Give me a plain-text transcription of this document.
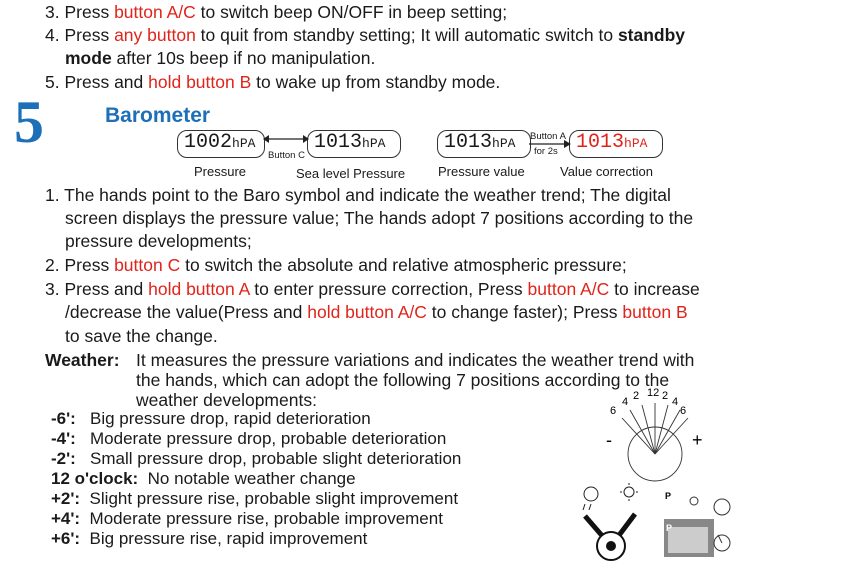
3. Press button A/C to switch beep ON/OFF in beep setting;
4. Press any button to quit from standby setting; It will automatic switch to standby
mode after 10s beep if no manipulation.
5. Press and hold button B to wake up from standby mode.
5	Barometer
1002hPA	1013hPA	1013hPA	1013hPA
Button C
Button A
for 2s
Pressure	Sea level Pressure	Pressure value	Value correction
1. The hands point to the Baro symbol and indicate the weather trend; The digital
screen displays the pressure value; The hands adopt 7 positions according to the
pressure developments;
2. Press button C to switch the absolute and relative atmospheric pressure;
3. Press and hold button A to enter pressure correction, Press button A/C to increase
/decrease the value(Press and hold button A/C to change faster); Press button B
to save the change.
Weather: It measures the pressure variations and indicates the weather trend with
the hands, which can adopt the following 7 positions according to the
weather developments:
-6': Big pressure drop, rapid deterioration
-4': Moderate pressure drop, probable deterioration
-2': Small pressure drop, probable slight deterioration
12 o'clock: No notable weather change
+2': Slight pressure rise, probable slight improvement
+4': Moderate pressure rise, probable improvement
+6': Big pressure rise, rapid improvement
6
4 2 12 2 4
6
-	+
P
P
